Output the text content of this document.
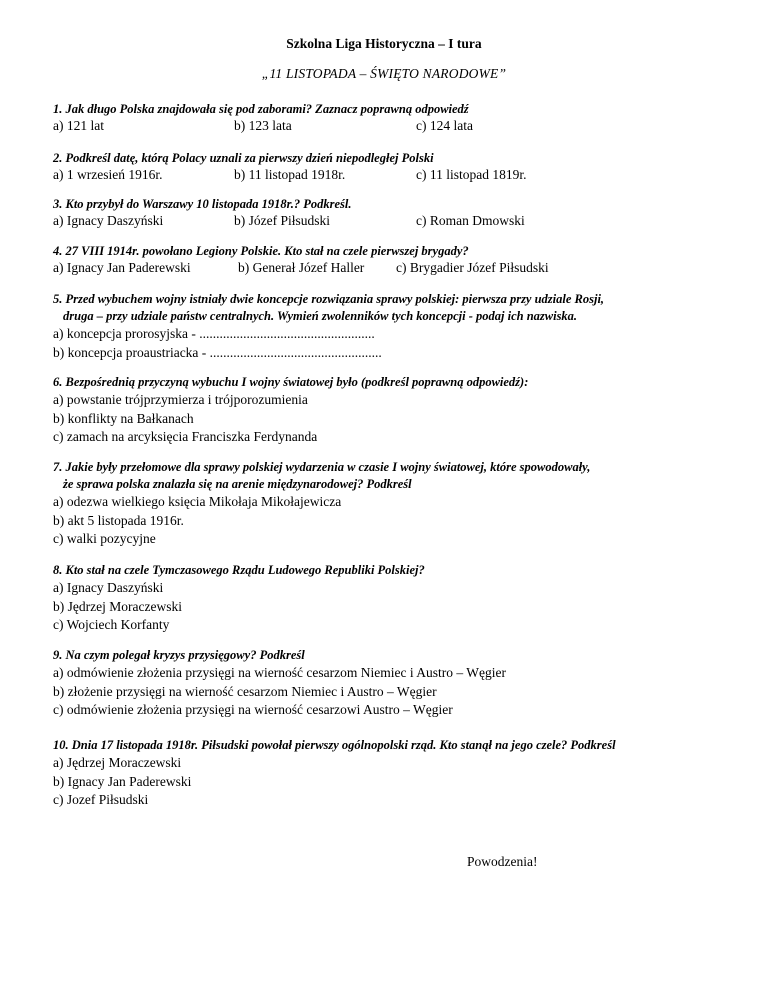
Szkolna Liga Historyczna – I tura
„11 LISTOPADA – ŚWIĘTO NARODOWE”
1. Jak długo Polska znajdowała się pod zaborami? Zaznacz poprawną odpowiedź
a) 121 lat	b) 123 lata	c) 124 lata
2. Podkreśl datę, którą Polacy uznali za pierwszy dzień niepodległej Polski
a) 1 wrzesień 1916r.	b) 11 listopad 1918r.	c) 11 listopad 1819r.
3. Kto przybył do Warszawy 10 listopada 1918r.? Podkreśl.
a) Ignacy Daszyński	b) Józef Piłsudski	c) Roman Dmowski
4. 27 VIII 1914r. powołano Legiony Polskie. Kto stał na czele pierwszej brygady?
a) Ignacy Jan Paderewski	b) Generał Józef Haller c) Brygadier Józef Piłsudski
5. Przed wybuchem wojny istniały dwie koncepcje rozwiązania sprawy polskiej: pierwsza przy udziale Rosji,
druga – przy udziale państw centralnych. Wymień zwolenników tych koncepcji - podaj ich nazwiska.
a) koncepcja prorosyjska - ....................................................
b) koncepcja proaustriacka - ...................................................
6. Bezpośrednią przyczyną wybuchu I wojny światowej było (podkreśl poprawną odpowiedź):
a) powstanie trójprzymierza i trójporozumienia
b) konflikty na Bałkanach
c) zamach na arcyksięcia Franciszka Ferdynanda
7. Jakie były przełomowe dla sprawy polskiej wydarzenia w czasie I wojny światowej, które spowodowały,
że sprawa polska znalazła się na arenie międzynarodowej? Podkreśl
a) odezwa wielkiego księcia Mikołaja Mikołajewicza
b) akt 5 listopada 1916r.
c) walki pozycyjne
8. Kto stał na czele Tymczasowego Rządu Ludowego Republiki Polskiej?
a) Ignacy Daszyński
b) Jędrzej Moraczewski
c) Wojciech Korfanty
9. Na czym polegał kryzys przysięgowy? Podkreśl
a) odmówienie złożenia przysięgi na wierność cesarzom Niemiec i Austro – Węgier
b) złożenie przysięgi na wierność cesarzom Niemiec i Austro – Węgier
c) odmówienie złożenia przysięgi na wierność cesarzowi Austro – Węgier
10. Dnia 17 listopada 1918r. Piłsudski powołał pierwszy ogólnopolski rząd. Kto stanął na jego czele? Podkreśl
a) Jędrzej Moraczewski
b) Ignacy Jan Paderewski
c) Jozef Piłsudski
Powodzenia!
